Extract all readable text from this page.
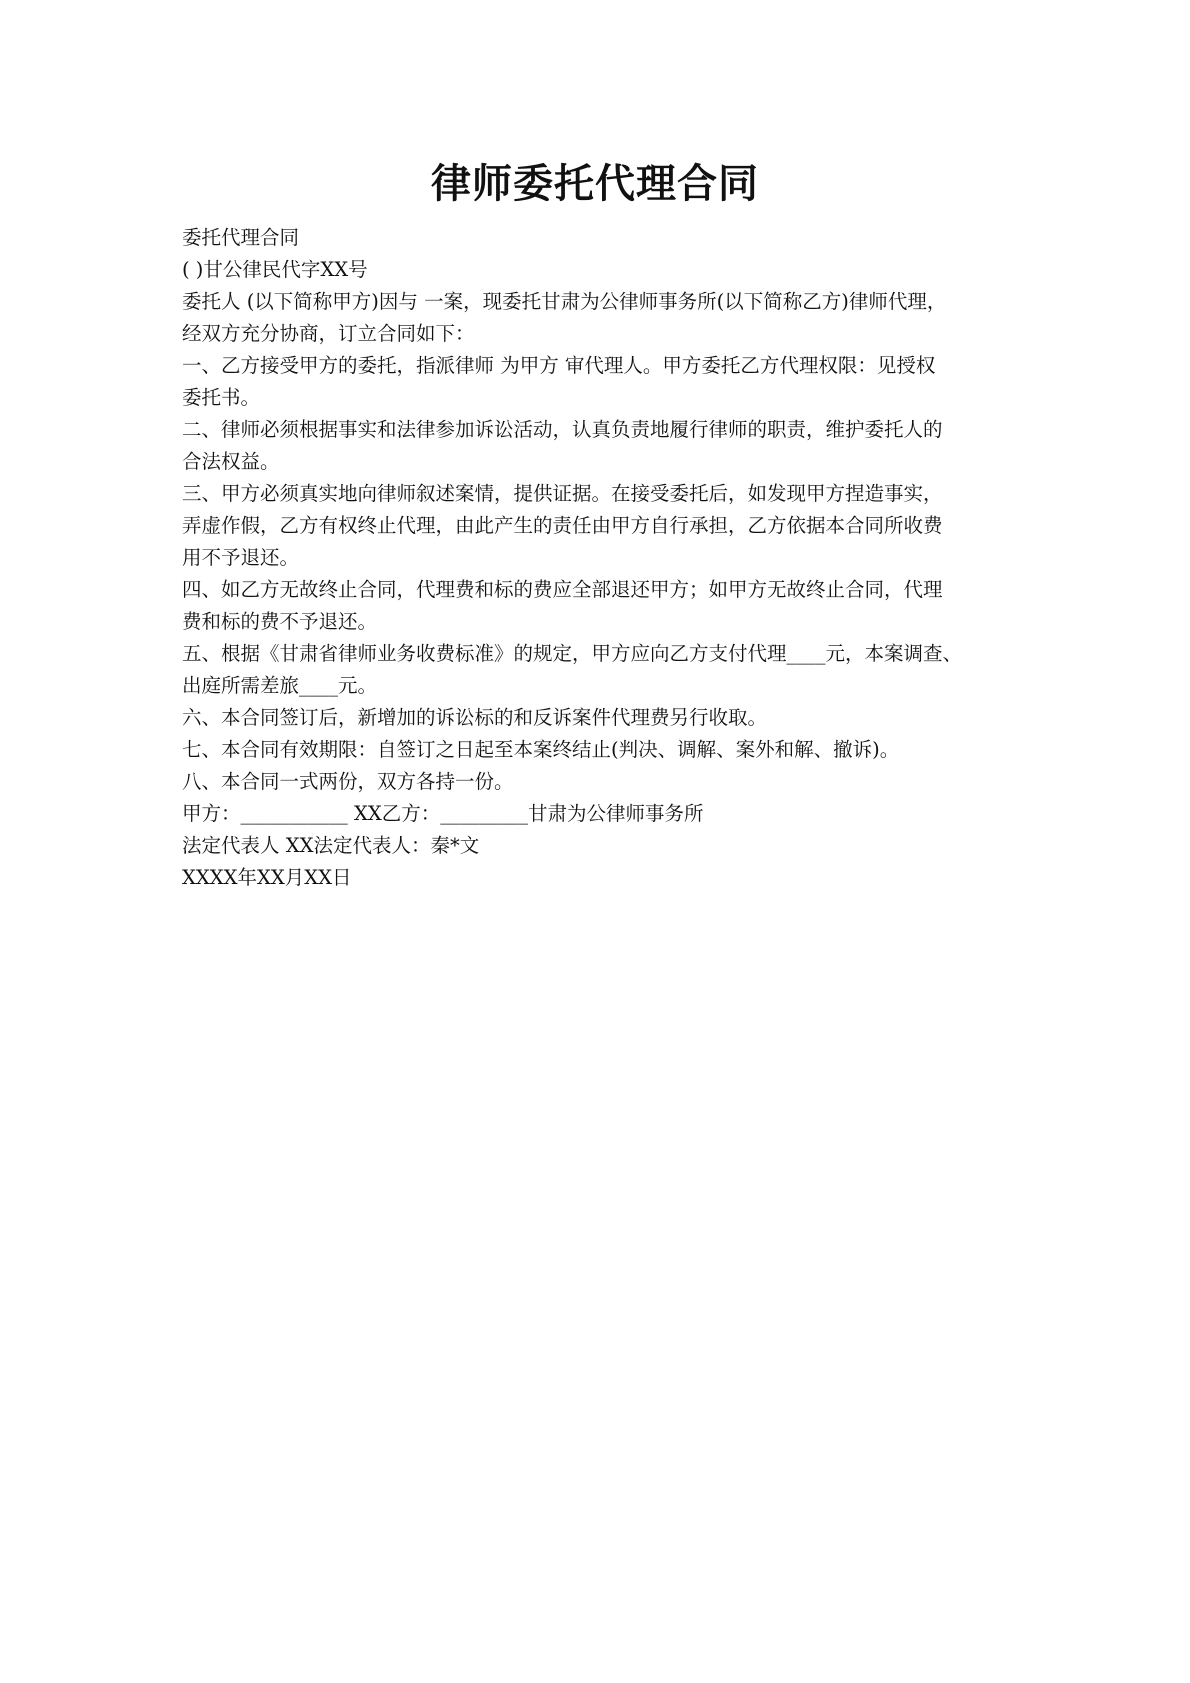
律师委托代理合同
委托代理合同
( )甘公律民代字XX号
委托人 (以下简称甲方)因与 一案，现委托甘肃为公律师事务所(以下简称乙方)律师代理，
经双方充分协商，订立合同如下：
一、乙方接受甲方的委托，指派律师 为甲方 审代理人。甲方委托乙方代理权限：见授权
委托书。
二、律师必须根据事实和法律参加诉讼活动，认真负责地履行律师的职责，维护委托人的
合法权益。
三、甲方必须真实地向律师叙述案情，提供证据。在接受委托后，如发现甲方捏造事实，
弄虚作假，乙方有权终止代理，由此产生的责任由甲方自行承担，乙方依据本合同所收费
用不予退还。
四、如乙方无故终止合同，代理费和标的费应全部退还甲方；如甲方无故终止合同，代理
费和标的费不予退还。
五、根据《甘肃省律师业务收费标准》的规定，甲方应向乙方支付代理____元，本案调查、
出庭所需差旅____元。
六、本合同签订后，新增加的诉讼标的和反诉案件代理费另行收取。
七、本合同有效期限：自签订之日起至本案终结止(判决、调解、案外和解、撤诉)。
八、本合同一式两份，双方各持一份。
甲方：___________ XX乙方：_________甘肃为公律师事务所
法定代表人 XX法定代表人：秦*文
XXXX年XX月XX日
